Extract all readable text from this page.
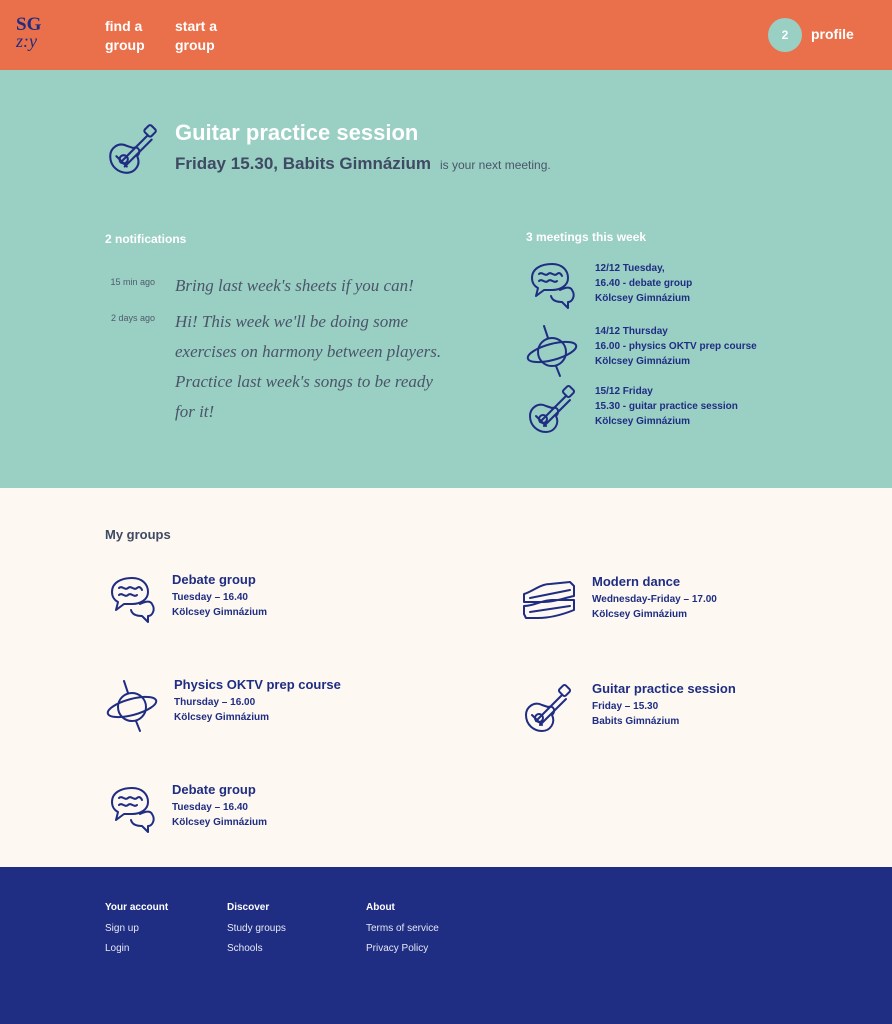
SG
z:y
find a
group
start a
group
2	profile
Guitar practice session
Friday 15.30, Babits Gimnázium is your next meeting.
2 notifications
15 min ago Bring last week's sheets if you can!
2 days ago Hi! This week we'll be doing some exercises on harmony between players. Practice last week's songs to be ready for it!
3 meetings this week
12/12 Tuesday,
16.40 - debate group
Kölcsey Gimnázium
14/12 Thursday
16.00 - physics OKTV prep course
Kölcsey Gimnázium
15/12 Friday
15.30 - guitar practice session
Kölcsey Gimnázium
My groups
Debate group
Tuesday – 16.40
Kölcsey Gimnázium
Modern dance
Wednesday-Friday – 17.00
Kölcsey Gimnázium
Physics OKTV prep course
Thursday – 16.00
Kölcsey Gimnázium
Guitar practice session
Friday – 15.30
Babits Gimnázium
Debate group
Tuesday – 16.40
Kölcsey Gimnázium
Your account
Sign up
Login
Discover
Study groups
Schools
About
Terms of service
Privacy Policy
